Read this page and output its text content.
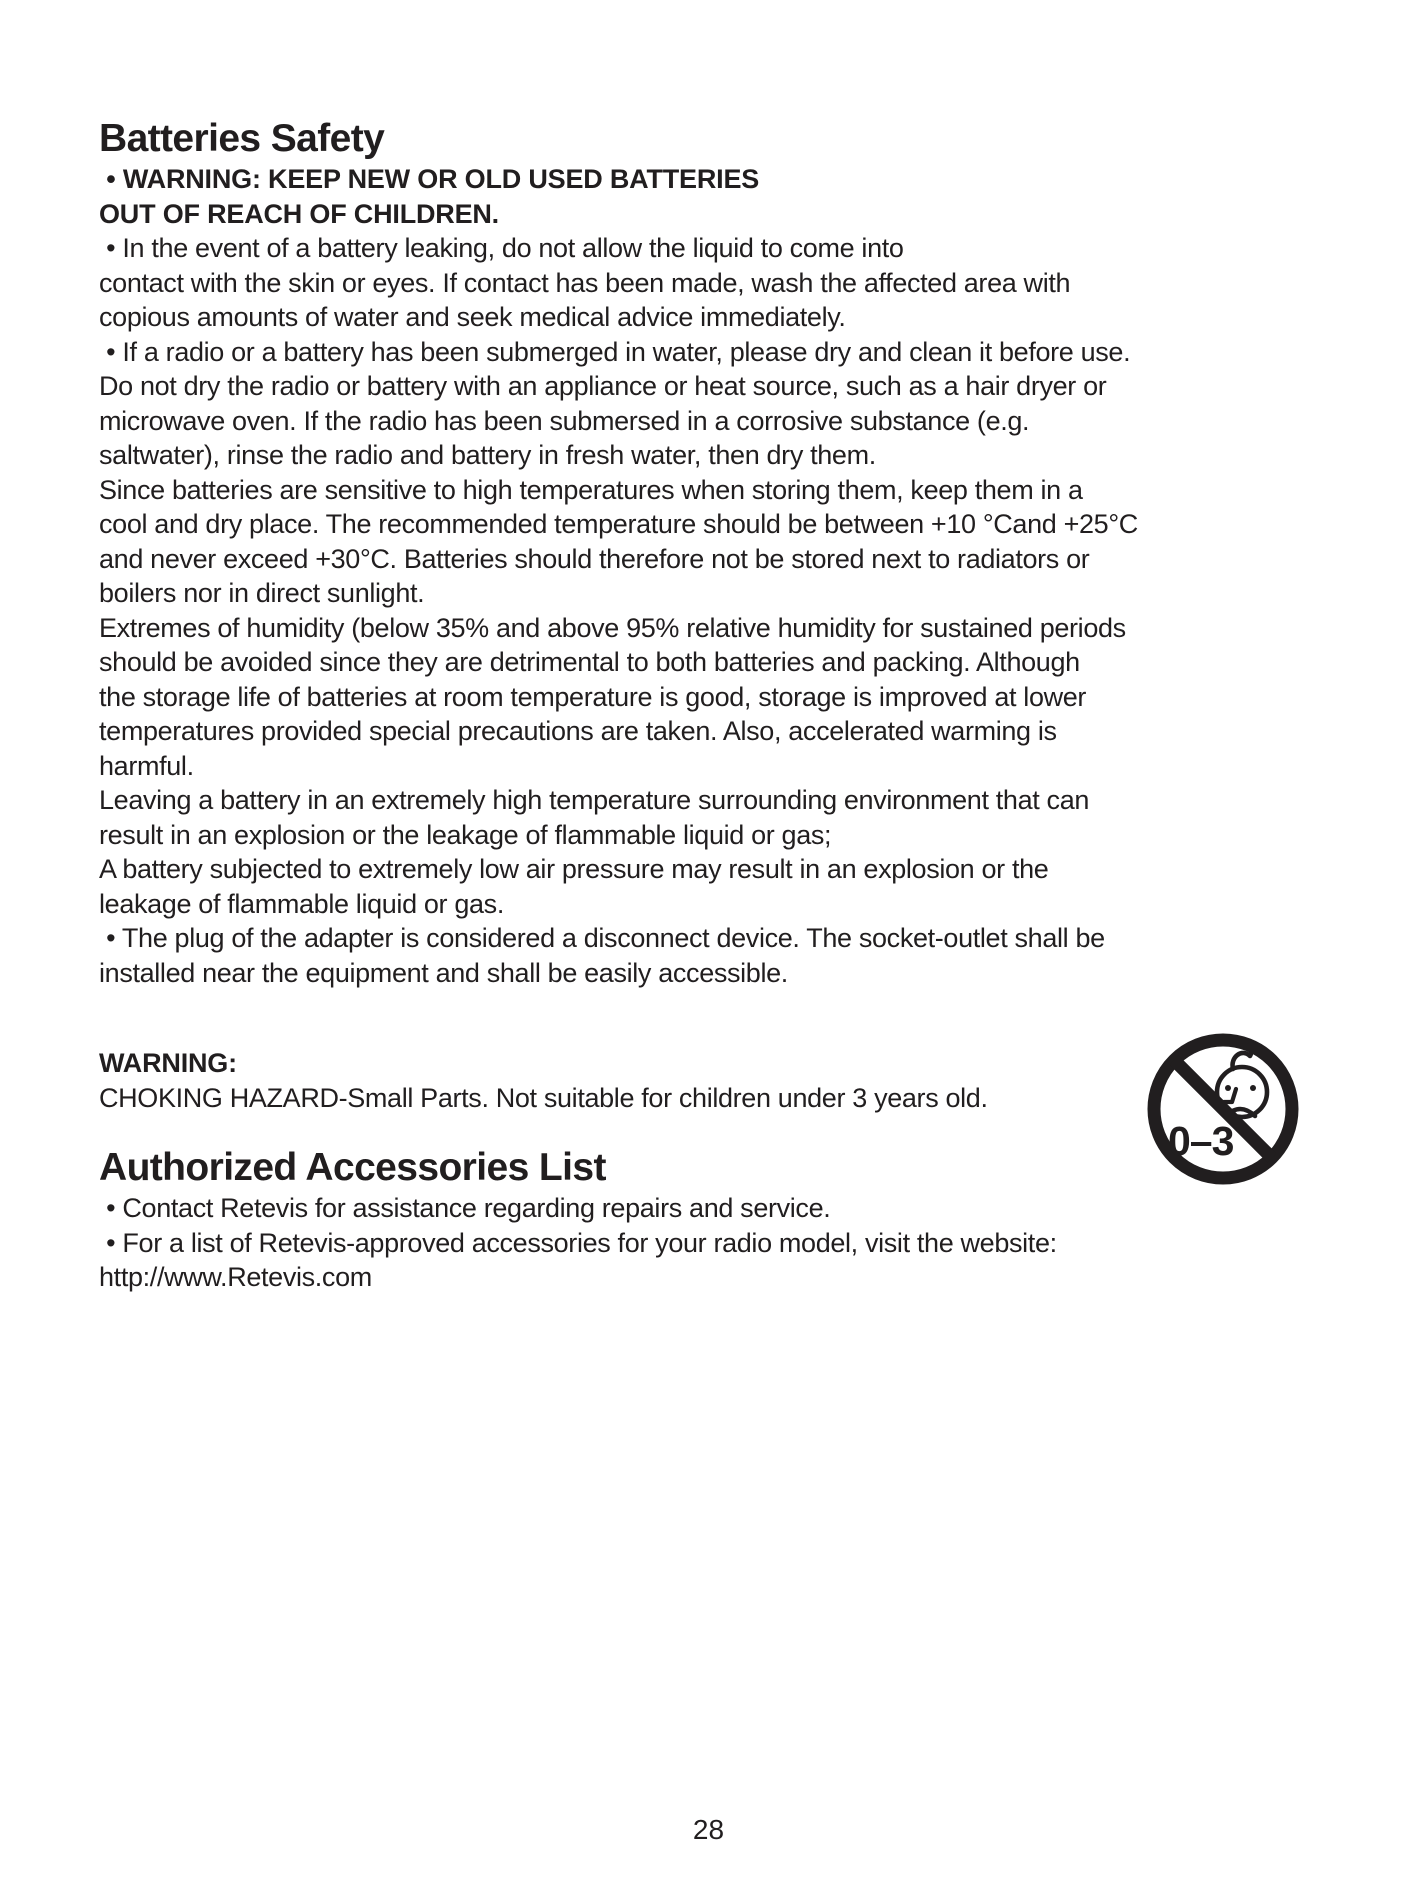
Batteries Safety
• WARNING: KEEP NEW OR OLD USED BATTERIES
OUT OF REACH OF CHILDREN.
• In the event of a battery leaking, do not allow the liquid to come into
contact with the skin or eyes. If contact has been made, wash the affected area with
copious amounts of water and seek medical advice immediately.
• If a radio or a battery has been submerged in water, please dry and clean it before use.
Do not dry the radio or battery with an appliance or heat source, such as a hair dryer or
microwave oven. If the radio has been submersed in a corrosive substance (e.g.
saltwater), rinse the radio and battery in fresh water, then dry them.
Since batteries are sensitive to high temperatures when storing them, keep them in a
cool and dry place. The recommended temperature should be between +10 °Cand +25°C
and never exceed +30°C. Batteries should therefore not be stored next to radiators or
boilers nor in direct sunlight.
Extremes of humidity (below 35% and above 95% relative humidity for sustained periods
should be avoided since they are detrimental to both batteries and packing. Although
the storage life of batteries at room temperature is good, storage is improved at lower
temperatures provided special precautions are taken. Also, accelerated warming is
harmful.
Leaving a battery in an extremely high temperature surrounding environment that can
result in an explosion or the leakage of flammable liquid or gas;
A battery subjected to extremely low air pressure may result in an explosion or the
leakage of flammable liquid or gas.
• The plug of the adapter is considered a disconnect device. The socket-outlet shall be
installed near the equipment and shall be easily accessible.
WARNING:
CHOKING HAZARD-Small Parts. Not suitable for children under 3 years old.
Authorized Accessories List
• Contact Retevis for assistance regarding repairs and service.
• For a list of Retevis-approved accessories for your radio model, visit the website:
http://www.Retevis.com
0–3
28
